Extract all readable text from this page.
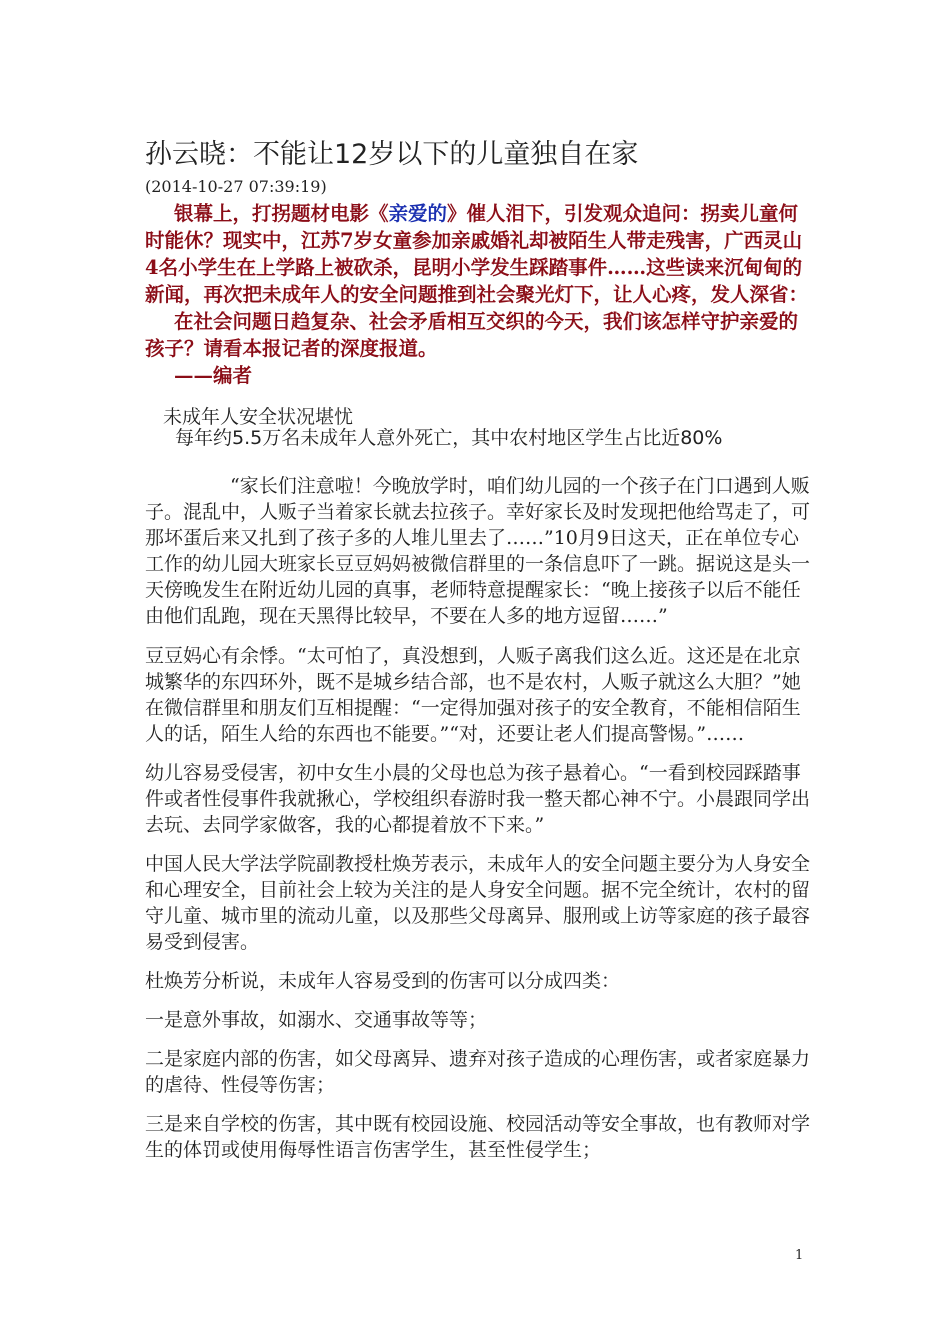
孙云晓：不能让12岁以下的儿童独自在家
(2014-10-27 07:39:19)

银幕上，打拐题材电影《亲爱的》催人泪下，引发观众追问：拐卖儿童何时能休？现实中，江苏7岁女童参加亲戚婚礼却被陌生人带走残害，广西灵山4名小学生在上学路上被砍杀，昆明小学发生踩踏事件……这些读来沉甸甸的新闻，再次把未成年人的安全问题推到社会聚光灯下，让人心疼，发人深省：

在社会问题日趋复杂、社会矛盾相互交织的今天，我们该怎样守护亲爱的孩子？请看本报记者的深度报道。

——编者

未成年人安全状况堪忧

每年约5.5万名未成年人意外死亡，其中农村地区学生占比近80%

“家长们注意啦！今晚放学时，咱们幼儿园的一个孩子在门口遇到人贩子。混乱中，人贩子当着家长就去拉孩子。幸好家长及时发现把他给骂走了，可那坏蛋后来又扎到了孩子多的人堆儿里去了……”10月9日这天，正在单位专心工作的幼儿园大班家长豆豆妈妈被微信群里的一条信息吓了一跳。据说这是头一天傍晚发生在附近幼儿园的真事，老师特意提醒家长：“晚上接孩子以后不能任由他们乱跑，现在天黑得比较早，不要在人多的地方逗留……”

豆豆妈心有余悸。“太可怕了，真没想到，人贩子离我们这么近。这还是在北京城繁华的东四环外，既不是城乡结合部，也不是农村，人贩子就这么大胆？”她在微信群里和朋友们互相提醒：“一定得加强对孩子的安全教育，不能相信陌生人的话，陌生人给的东西也不能要。”“对，还要让老人们提高警惕。”……

幼儿容易受侵害，初中女生小晨的父母也总为孩子悬着心。“一看到校园踩踏事件或者性侵事件我就揪心，学校组织春游时我一整天都心神不宁。小晨跟同学出去玩、去同学家做客，我的心都提着放不下来。”

中国人民大学法学院副教授杜焕芳表示，未成年人的安全问题主要分为人身安全和心理安全，目前社会上较为关注的是人身安全问题。据不完全统计，农村的留守儿童、城市里的流动儿童，以及那些父母离异、服刑或上访等家庭的孩子最容易受到侵害。

杜焕芳分析说，未成年人容易受到的伤害可以分成四类：

一是意外事故，如溺水、交通事故等等；

二是家庭内部的伤害，如父母离异、遗弃对孩子造成的心理伤害，或者家庭暴力的虐待、性侵等伤害；

三是来自学校的伤害，其中既有校园设施、校园活动等安全事故，也有教师对学生的体罚或使用侮辱性语言伤害学生，甚至性侵学生；

1
